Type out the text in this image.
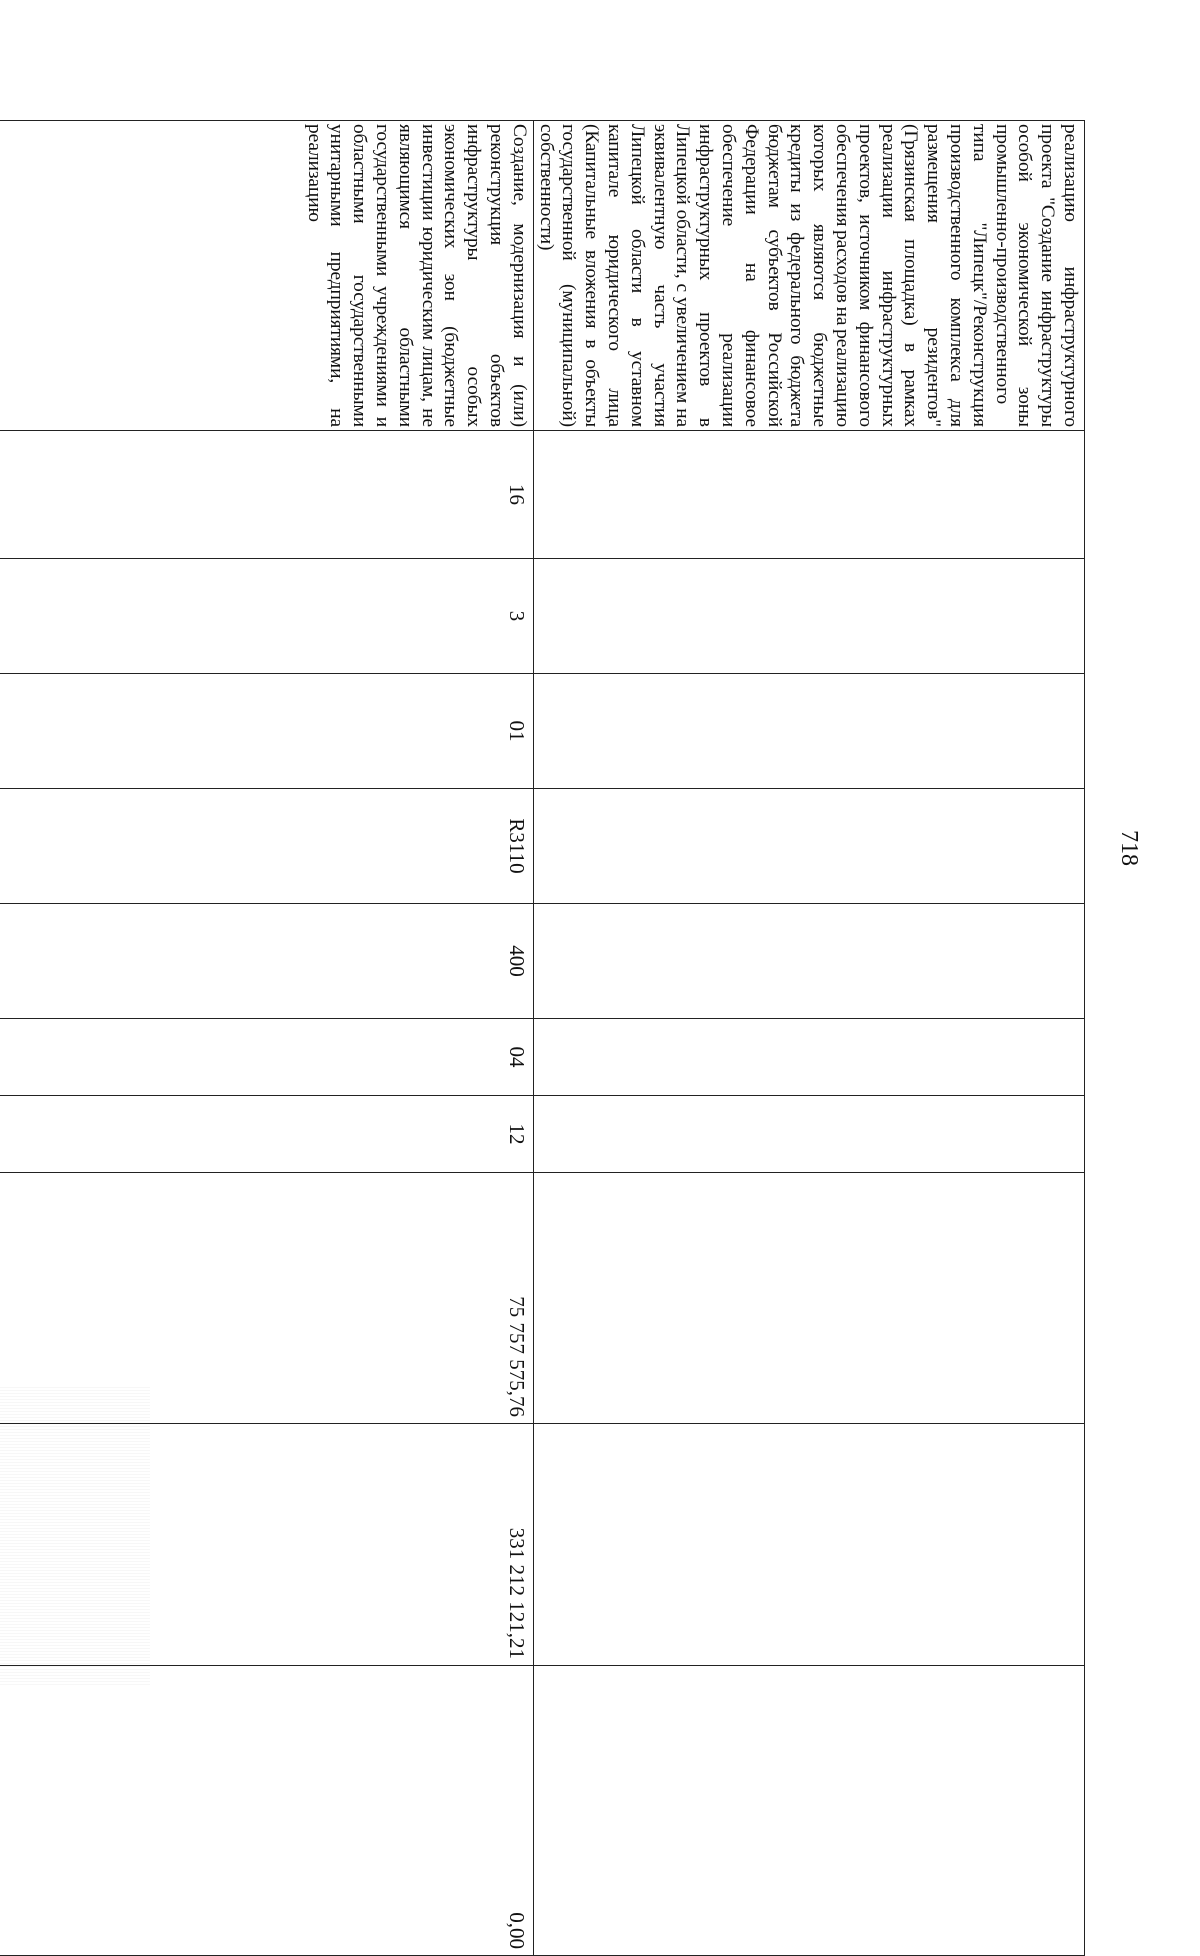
718
реализацию инфраструктурного проекта "Создание инфраструктуры особой экономической зоны промышленно-производственного типа "Липецк"/Реконструкция производственного комплекса для размещения резидентов" (Грязинская площадка) в рамках реализации инфраструктурных проектов, источником финансового обеспечения расходов на реализацию которых являются бюджетные кредиты из федерального бюджета бюджетам субъектов Российской Федерации на финансовое обеспечение реализации инфраструктурных проектов в Липецкой области, с увеличением на эквивалентную часть участия Липецкой области в уставном капитале юридического лица (Капитальные вложения в объекты государственной (муниципальной) собственности)										

Создание, модернизация и (или) реконструкция объектов инфраструктуры особых экономических зон (бюджетные инвестиции юридическим лицам, не являющимся областными государственными учреждениями и областными государственными унитарными предприятиями, на реализацию	16	3	01	R3110	400	04	12	75 757 575,76	331 212 121,21	0,00
